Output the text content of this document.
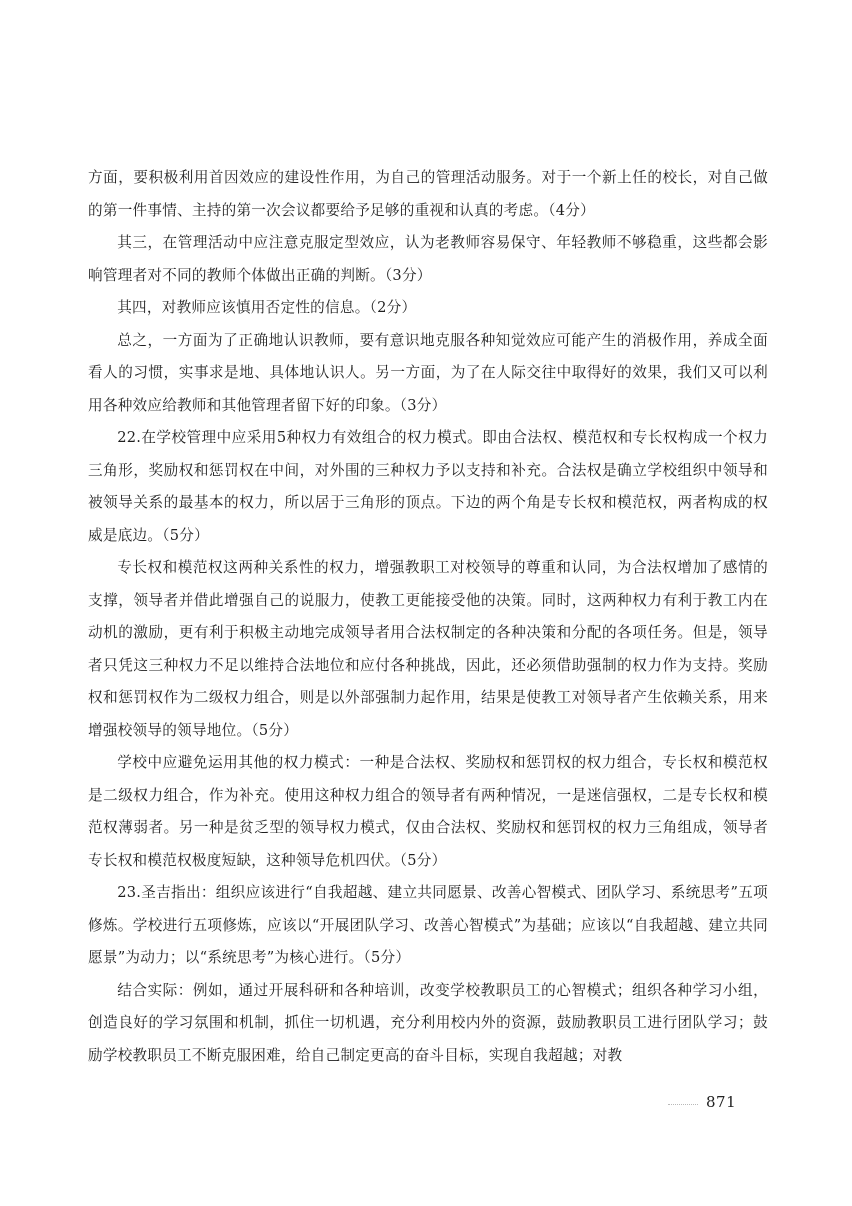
方面，要积极利用首因效应的建设性作用，为自己的管理活动服务。对于一个新上任的校长，对自己做的第一件事情、主持的第一次会议都要给予足够的重视和认真的考虑。（4分）

其三，在管理活动中应注意克服定型效应，认为老教师容易保守、年轻教师不够稳重，这些都会影响管理者对不同的教师个体做出正确的判断。（3分）

其四，对教师应该慎用否定性的信息。（2分）

总之，一方面为了正确地认识教师，要有意识地克服各种知觉效应可能产生的消极作用，养成全面看人的习惯，实事求是地、具体地认识人。另一方面，为了在人际交往中取得好的效果，我们又可以利用各种效应给教师和其他管理者留下好的印象。（3分）

22.在学校管理中应采用5种权力有效组合的权力模式。即由合法权、模范权和专长权构成一个权力三角形，奖励权和惩罚权在中间，对外围的三种权力予以支持和补充。合法权是确立学校组织中领导和被领导关系的最基本的权力，所以居于三角形的顶点。下边的两个角是专长权和模范权，两者构成的权威是底边。（5分）

专长权和模范权这两种关系性的权力，增强教职工对校领导的尊重和认同，为合法权增加了感情的支撑，领导者并借此增强自己的说服力，使教工更能接受他的决策。同时，这两种权力有利于教工内在动机的激励，更有利于积极主动地完成领导者用合法权制定的各种决策和分配的各项任务。但是，领导者只凭这三种权力不足以维持合法地位和应付各种挑战，因此，还必须借助强制的权力作为支持。奖励权和惩罚权作为二级权力组合，则是以外部强制力起作用，结果是使教工对领导者产生依赖关系，用来增强校领导的领导地位。（5分）

学校中应避免运用其他的权力模式：一种是合法权、奖励权和惩罚权的权力组合，专长权和模范权是二级权力组合，作为补充。使用这种权力组合的领导者有两种情况，一是迷信强权，二是专长权和模范权薄弱者。另一种是贫乏型的领导权力模式，仅由合法权、奖励权和惩罚权的权力三角组成，领导者专长权和模范权极度短缺，这种领导危机四伏。（5分）

23.圣吉指出：组织应该进行“自我超越、建立共同愿景、改善心智模式、团队学习、系统思考”五项修炼。学校进行五项修炼，应该以“开展团队学习、改善心智模式”为基础；应该以“自我超越、建立共同愿景”为动力；以“系统思考”为核心进行。（5分）

结合实际：例如，通过开展科研和各种培训，改变学校教职员工的心智模式；组织各种学习小组，创造良好的学习氛围和机制，抓住一切机遇，充分利用校内外的资源，鼓励教职员工进行团队学习；鼓励学校教职员工不断克服困难，给自己制定更高的奋斗目标，实现自我超越；对教

871
